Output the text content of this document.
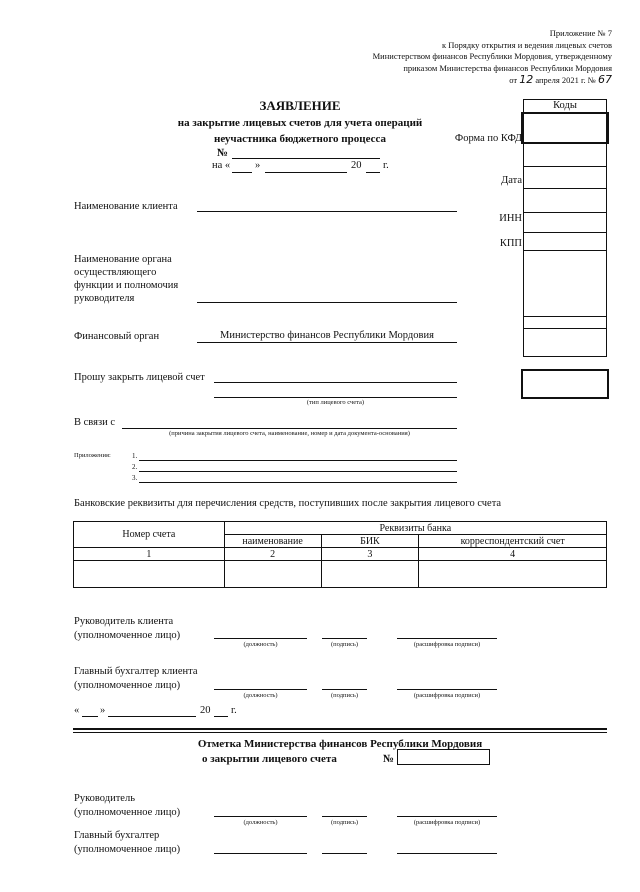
Приложение № 7
к Порядку открытия и ведения лицевых счетов
Министерством финансов Республики Мордовия, утвержденному
приказом Министерства финансов Республики Мордовия
от 12 апреля 2021 г. № 67
ЗАЯВЛЕНИЕ
на закрытие лицевых счетов для учета операций
неучастника бюджетного процесса
№
на « »	20 г.
Коды
Форма по КФД
Дата
ИНН
КПП
Наименование клиента
Наименование органа
осуществляющего
функции и полномочия
руководителя
Финансовый орган	Министерство финансов Республики Мордовия
Прошу закрыть лицевой счет
(тип лицевого счета)
В связи с
(причина закрытия лицевого счета, наименование, номер и дата документа-основания)
Приложения:	1.
2.
3.
Банковские реквизиты для перечисления средств, поступивших после закрытия лицевого счета
Номер счета	Реквизиты банка		
	наименование	БИК	корреспондентский счет
1	2	3	4

Руководитель клиента
(уполномоченное лицо)
(должность)	(подпись)	(расшифровка подписи)
Главный бухгалтер клиента
(уполномоченное лицо)
(должность)	(подпись)	(расшифровка подписи)
« »	20 г.
Отметка Министерства финансов Республики Мордовия
о закрытии лицевого счета	№
Руководитель
(уполномоченное лицо)
(должность)	(подпись)	(расшифровка подписи)
Главный бухгалтер
(уполномоченное лицо)
